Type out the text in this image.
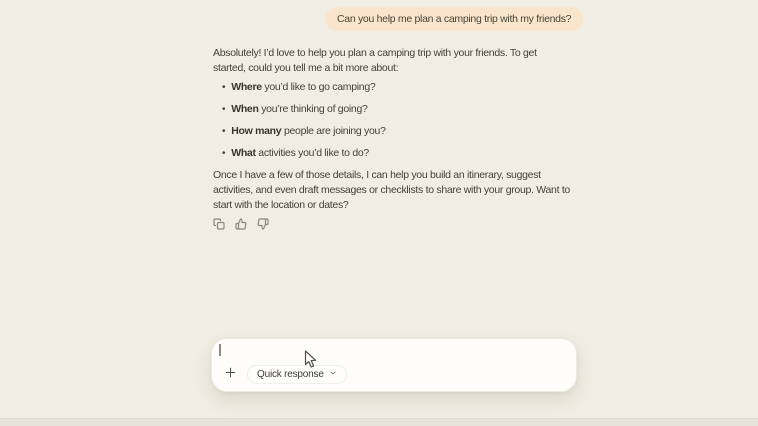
Can you help me plan a camping trip with my friends?

Absolutely! I’d love to help you plan a camping trip with your friends. To get started, could you tell me a bit more about:

• Where you’d like to go camping?
• When you’re thinking of going?
• How many people are joining you?
• What activities you’d like to do?

Once I have a few of those details, I can help you build an itinerary, suggest activities, and even draft messages or checklists to share with your group. Want to start with the location or dates?

Quick response
